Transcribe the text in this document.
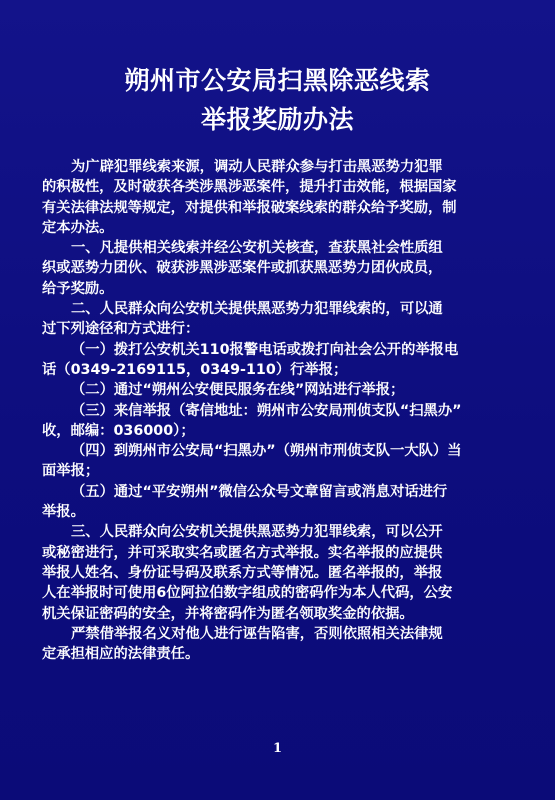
朔州市公安局扫黑除恶线索
举报奖励办法
为广辟犯罪线索来源，调动人民群众参与打击黑恶势力犯罪
的积极性，及时破获各类涉黑涉恶案件，提升打击效能，根据国家
有关法律法规等规定，对提供和举报破案线索的群众给予奖励，制
定本办法。
一、凡提供相关线索并经公安机关核查，查获黑社会性质组
织或恶势力团伙、破获涉黑涉恶案件或抓获黑恶势力团伙成员，
给予奖励。
二、人民群众向公安机关提供黑恶势力犯罪线索的，可以通
过下列途径和方式进行：
（一）拨打公安机关110报警电话或拨打向社会公开的举报电
话（0349-2169115，0349-110）行举报；
（二）通过“朔州公安便民服务在线”网站进行举报；
（三）来信举报（寄信地址：朔州市公安局刑侦支队“扫黑办”
收，邮编：036000）；
（四）到朔州市公安局“扫黑办”（朔州市刑侦支队一大队）当
面举报；
（五）通过“平安朔州”微信公众号文章留言或消息对话进行
举报。
三、人民群众向公安机关提供黑恶势力犯罪线索，可以公开
或秘密进行，并可采取实名或匿名方式举报。实名举报的应提供
举报人姓名、身份证号码及联系方式等情况。匿名举报的，举报
人在举报时可使用6位阿拉伯数字组成的密码作为本人代码，公安
机关保证密码的安全，并将密码作为匿名领取奖金的依据。
严禁借举报名义对他人进行诬告陷害，否则依照相关法律规
定承担相应的法律责任。
1
